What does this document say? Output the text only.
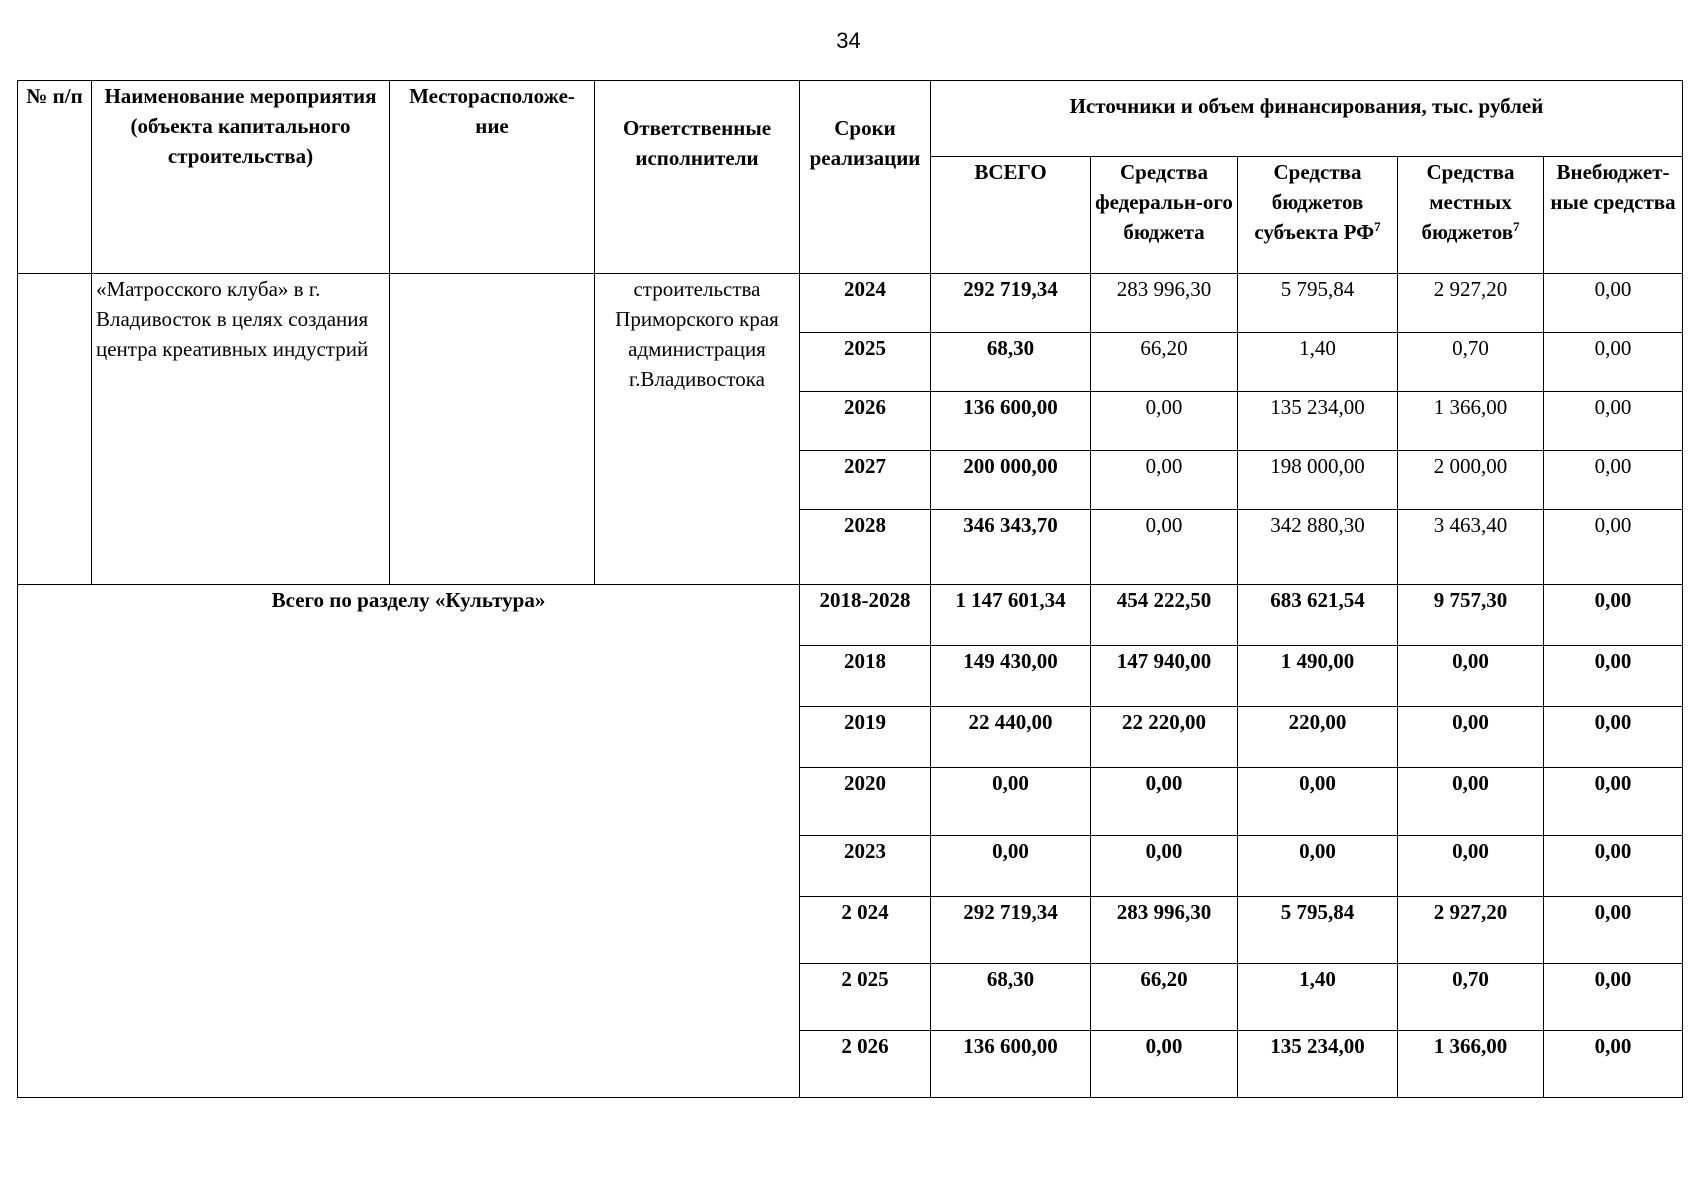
34
№ п/п	Наименование мероприятия (объекта капитального строительства)	Месторасположе-ние	Ответственные исполнители	Сроки реализации	Источники и объем финансирования, тыс. рублей				
					ВСЕГО	Средства федеральн-ого бюджета	Средства бюджетов субъекта $РФ^7$	Средства местных бюджетов$^7$	Внебюджет-ные средства
	«Матросского клуба» в г. Владивосток в целях создания центра креативных индустрий		строительства Приморского края администрация г.Владивостока	2024	292 719,34	283 996,30	5 795,84	2 927,20	0,00
				2025	68,30	66,20	1,40	0,70	0,00
				2026	136 600,00	0,00	135 234,00	1 366,00	0,00
				2027	200 000,00	0,00	198 000,00	2 000,00	0,00
				2028	346 343,70	0,00	342 880,30	3 463,40	0,00
Всего по разделу «Культура»				2018-2028	1 147 601,34	454 222,50	683 621,54	9 757,30	0,00
				2018	149 430,00	147 940,00	1 490,00	0,00	0,00
				2019	22 440,00	22 220,00	220,00	0,00	0,00
				2020	0,00	0,00	0,00	0,00	0,00
				2023	0,00	0,00	0,00	0,00	0,00
				2 024	292 719,34	283 996,30	5 795,84	2 927,20	0,00
				2 025	68,30	66,20	1,40	0,70	0,00
				2 026	136 600,00	0,00	135 234,00	1 366,00	0,00
